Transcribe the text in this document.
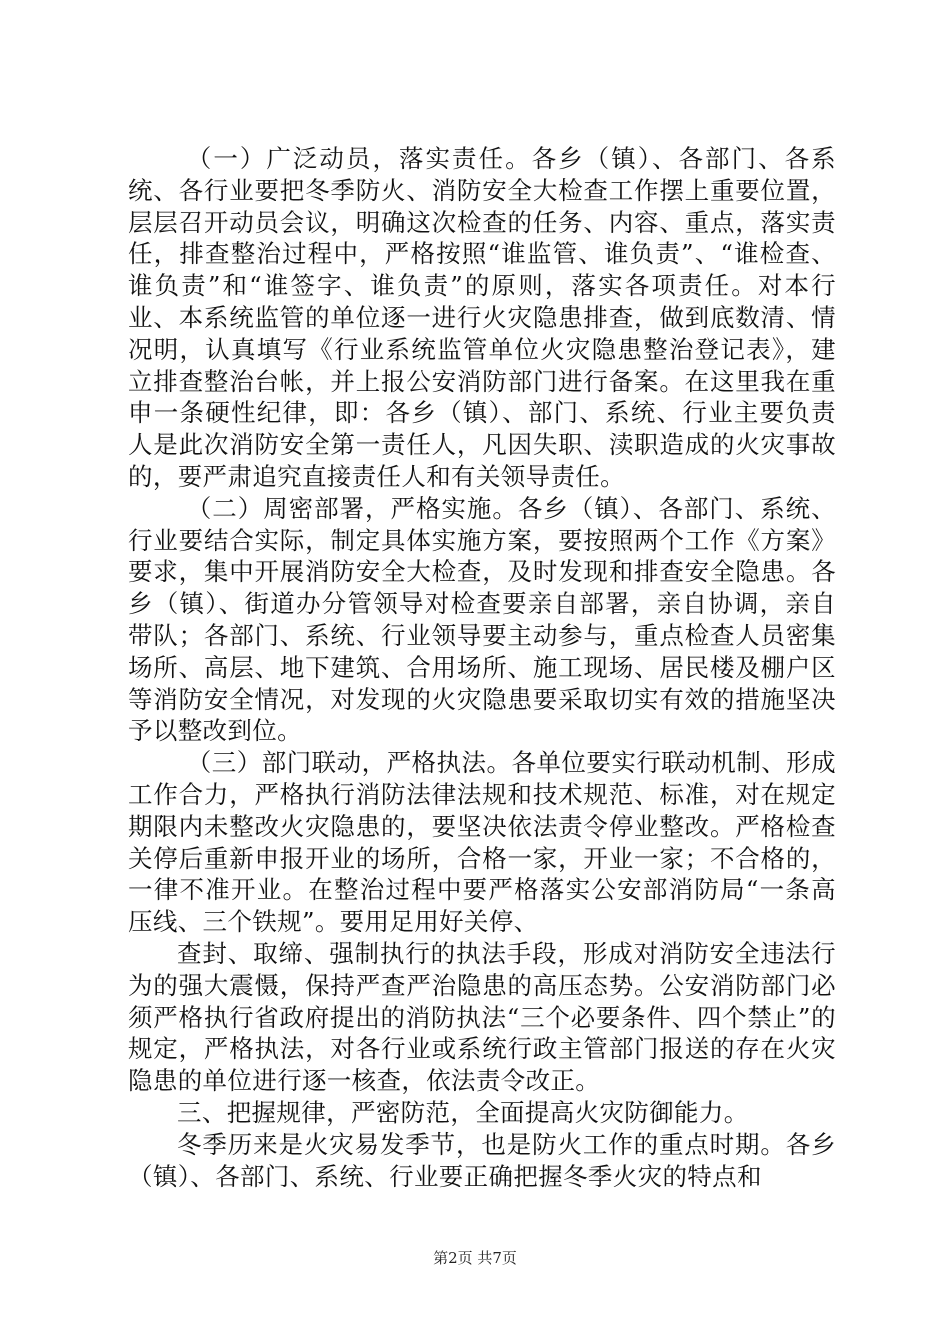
（一）广泛动员，落实责任。各乡（镇）、各部门、各系统、各行业要把冬季防火、消防安全大检查工作摆上重要位置，层层召开动员会议，明确这次检查的任务、内容、重点，落实责任，排查整治过程中，严格按照“谁监管、谁负责”、“谁检查、谁负责”和“谁签字、谁负责”的原则，落实各项责任。对本行业、本系统监管的单位逐一进行火灾隐患排查，做到底数清、情况明，认真填写《行业系统监管单位火灾隐患整治登记表》，建立排查整治台帐，并上报公安消防部门进行备案。在这里我在重申一条硬性纪律，即：各乡（镇）、部门、系统、行业主要负责人是此次消防安全第一责任人，凡因失职、渎职造成的火灾事故的，要严肃追究直接责任人和有关领导责任。

（二）周密部署，严格实施。各乡（镇）、各部门、系统、行业要结合实际，制定具体实施方案，要按照两个工作《方案》要求，集中开展消防安全大检查，及时发现和排查安全隐患。各乡（镇）、街道办分管领导对检查要亲自部署，亲自协调，亲自带队；各部门、系统、行业领导要主动参与，重点检查人员密集场所、高层、地下建筑、合用场所、施工现场、居民楼及棚户区等消防安全情况，对发现的火灾隐患要采取切实有效的措施坚决予以整改到位。

（三）部门联动，严格执法。各单位要实行联动机制、形成工作合力，严格执行消防法律法规和技术规范、标准，对在规定期限内未整改火灾隐患的，要坚决依法责令停业整改。严格检查关停后重新申报开业的场所，合格一家，开业一家；不合格的，一律不准开业。在整治过程中要严格落实公安部消防局“一条高压线、三个铁规”。要用足用好关停、

查封、取缔、强制执行的执法手段，形成对消防安全违法行为的强大震慑，保持严查严治隐患的高压态势。公安消防部门必须严格执行省政府提出的消防执法“三个必要条件、四个禁止”的规定，严格执法，对各行业或系统行政主管部门报送的存在火灾隐患的单位进行逐一核查，依法责令改正。

三、把握规律，严密防范，全面提高火灾防御能力。

冬季历来是火灾易发季节，也是防火工作的重点时期。各乡（镇）、各部门、系统、行业要正确把握冬季火灾的特点和

第2页 共7页
